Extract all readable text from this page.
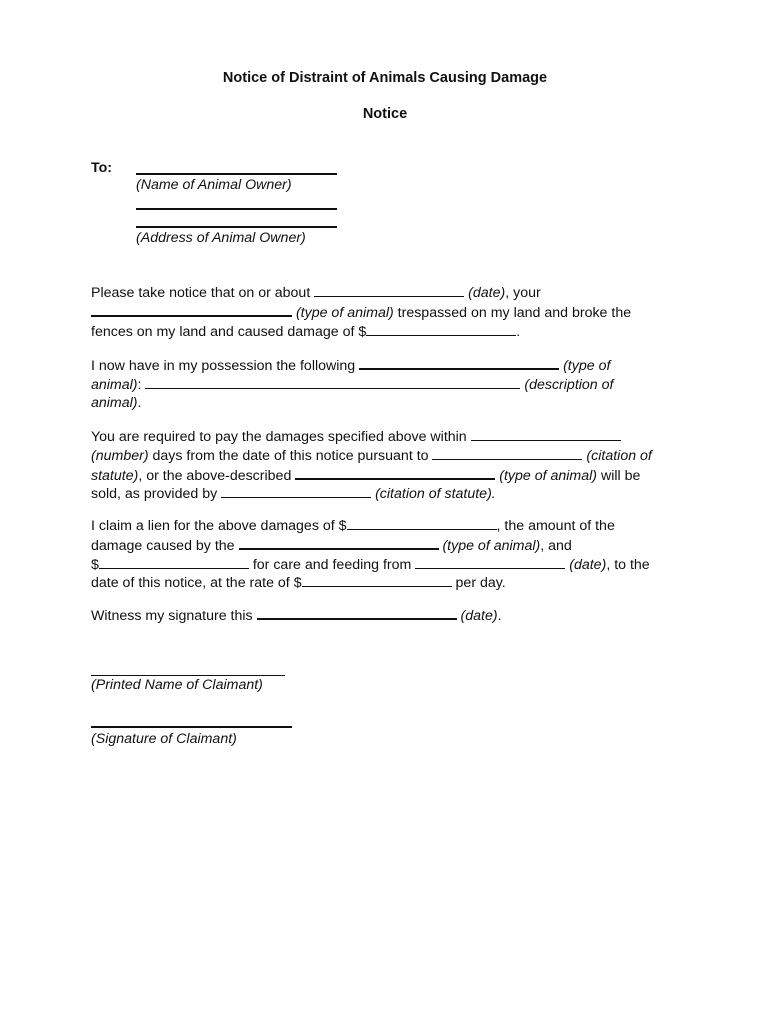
Notice of Distraint of Animals Causing Damage
Notice
To:
(Name of Animal Owner)
(Address of Animal Owner)

Please take notice that on or about	(date), your

(type of animal) trespassed on my land and broke the

fences on my land and caused damage of $	.

I now have in my possession the following	(type of

animal):	(description of

animal).

You are required to pay the damages specified above within

(number) days from the date of this notice pursuant to	(citation of

statute), or the above-described	(type of animal) will be

sold, as provided by	(citation of statute).

I claim a lien for the above damages of $	, the amount of the

damage caused by the	(type of animal), and

$	for care and feeding from	(date), to the

date of this notice, at the rate of $	per day.

Witness my signature this	(date).

(Printed Name of Claimant)
(Signature of Claimant)
